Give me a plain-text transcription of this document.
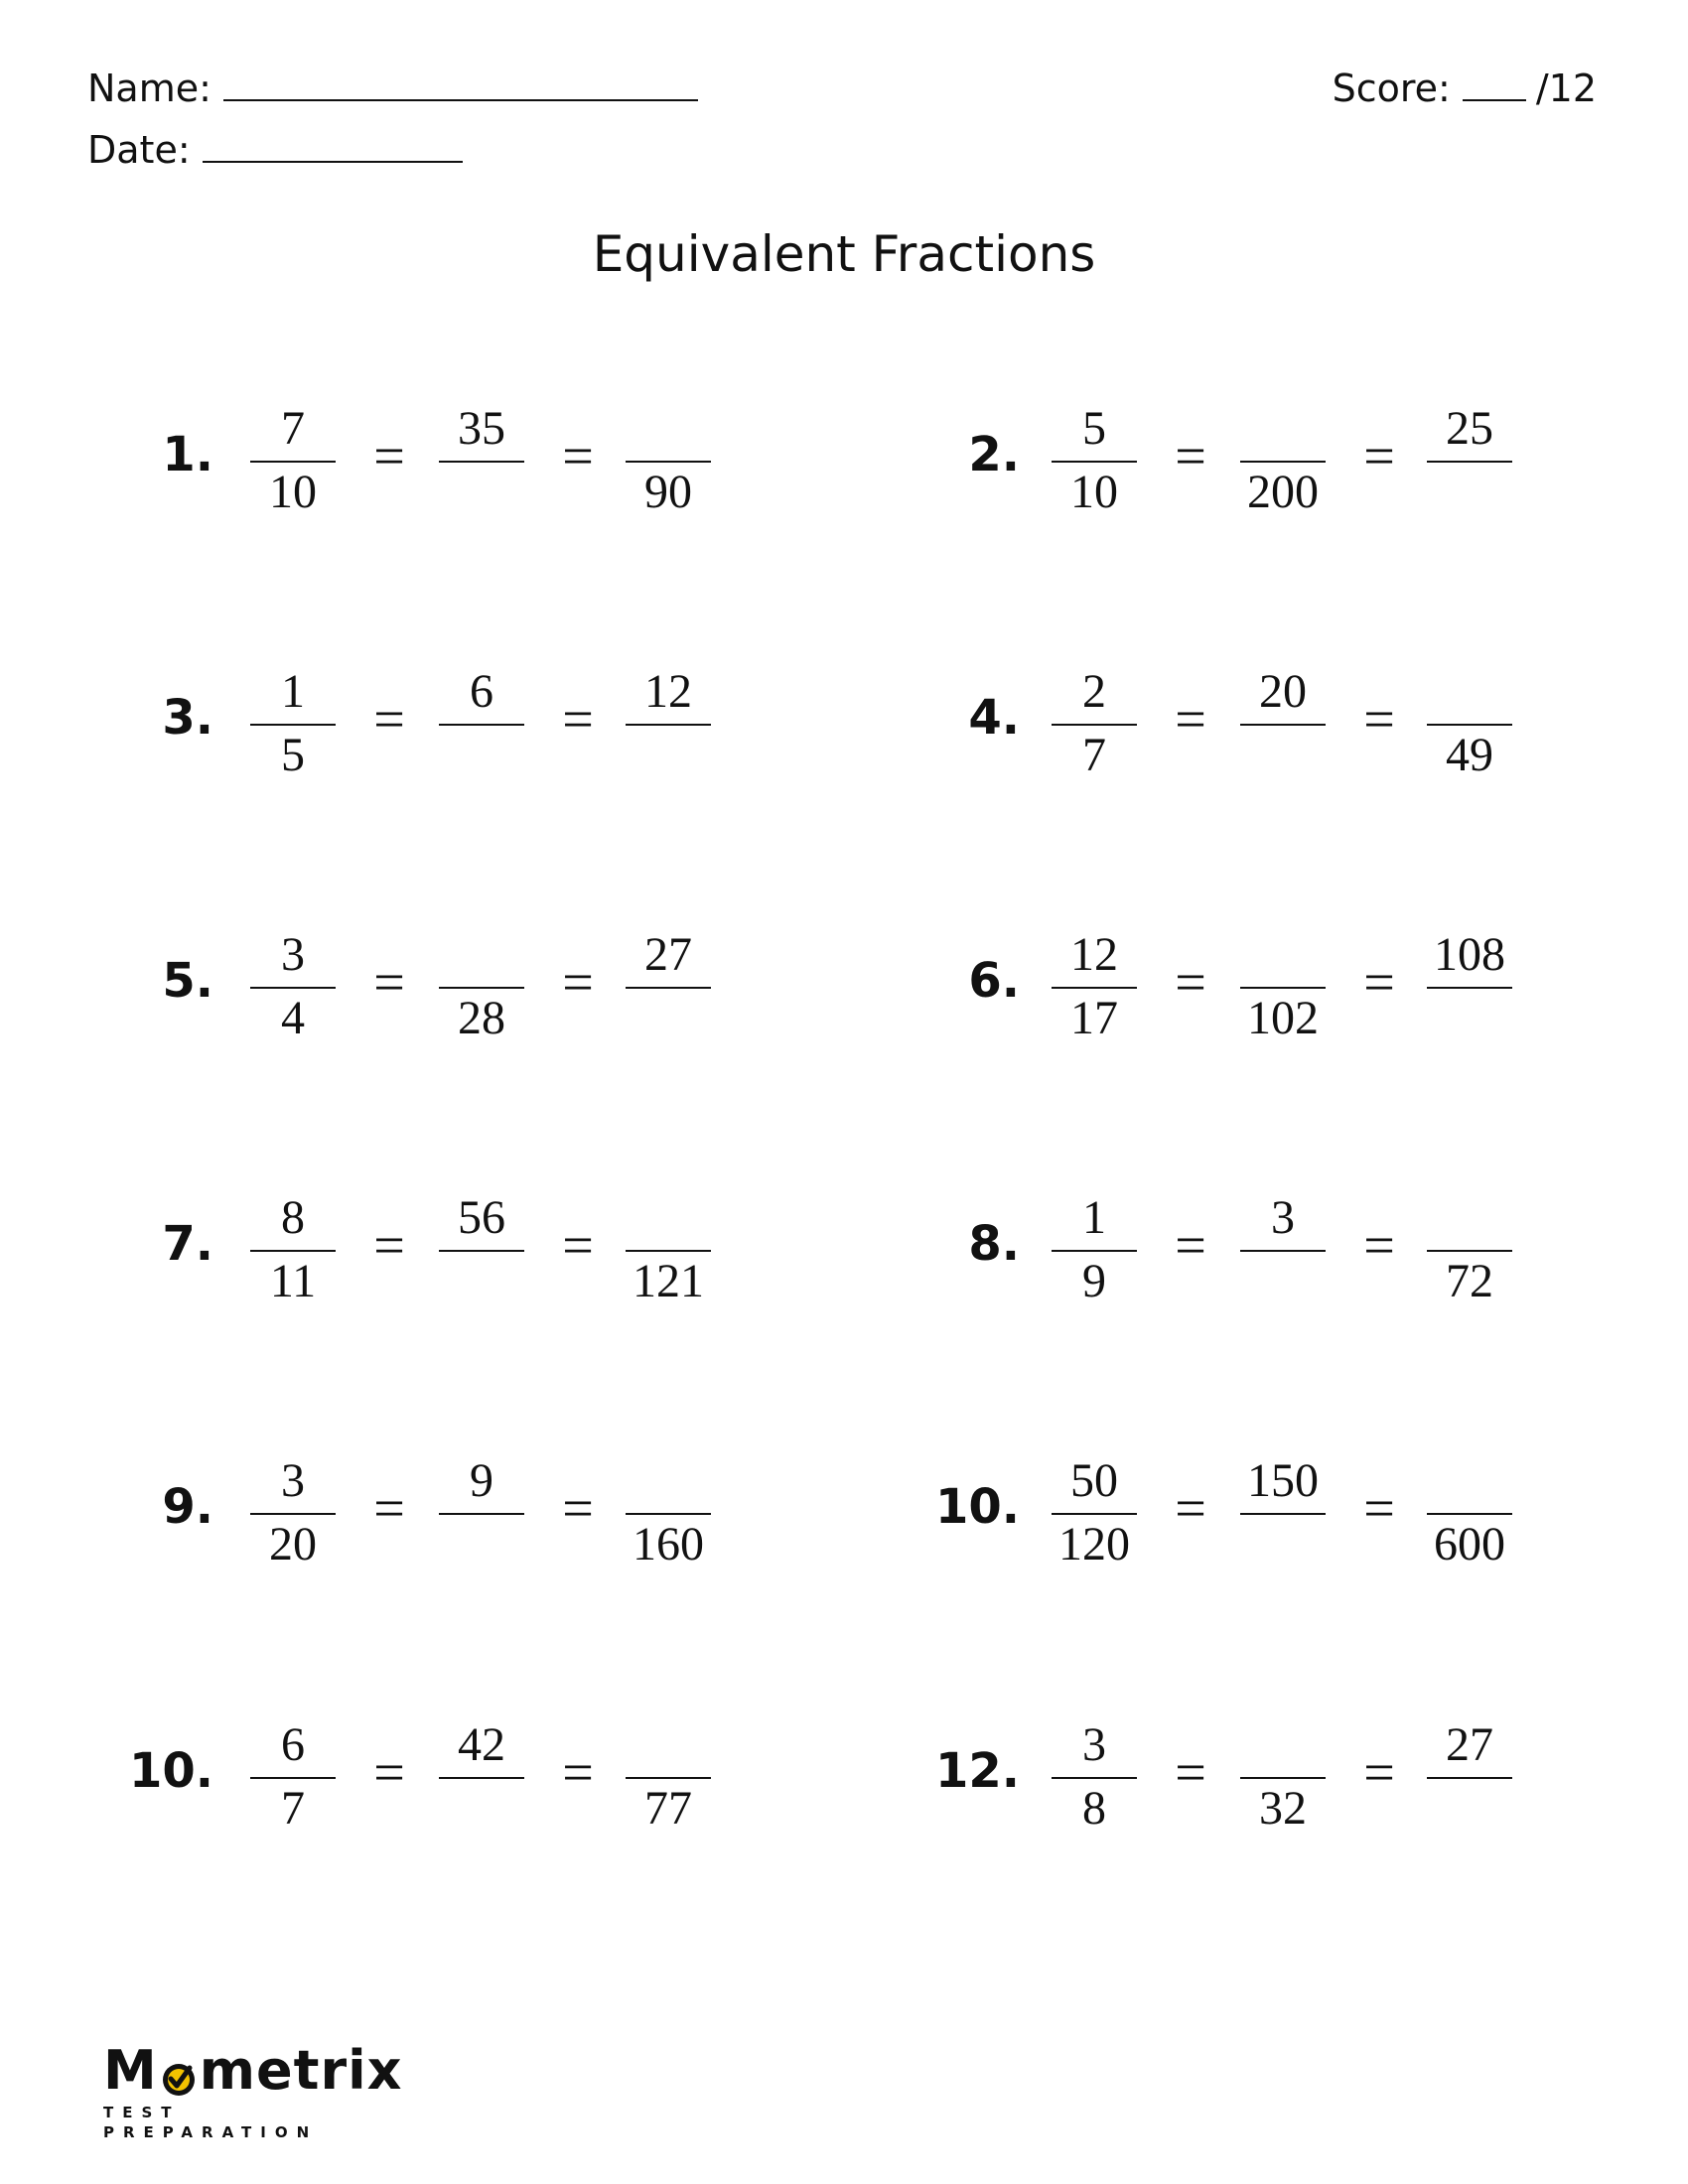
Name:
Date:
Score: /12
Equivalent Fractions
1.	7
10
=	35	=
90
2.	5
10
=
200
=	25
3.	1
5
=	6	=	12	4.	2
7
=	20	=
49
5.	3
4
=
28
=	27	6.	12
17
=
102
= 108
7.	8
11
=	56	=
121
8.	1
9
=	3	=
72
9.	3
20
=	9	=
160
10.	50
120
= 150 =
600
10.	6
7
=	42	=
77
12.	3
8
=
32
=	27
M metrix
TEST PREPARATION
